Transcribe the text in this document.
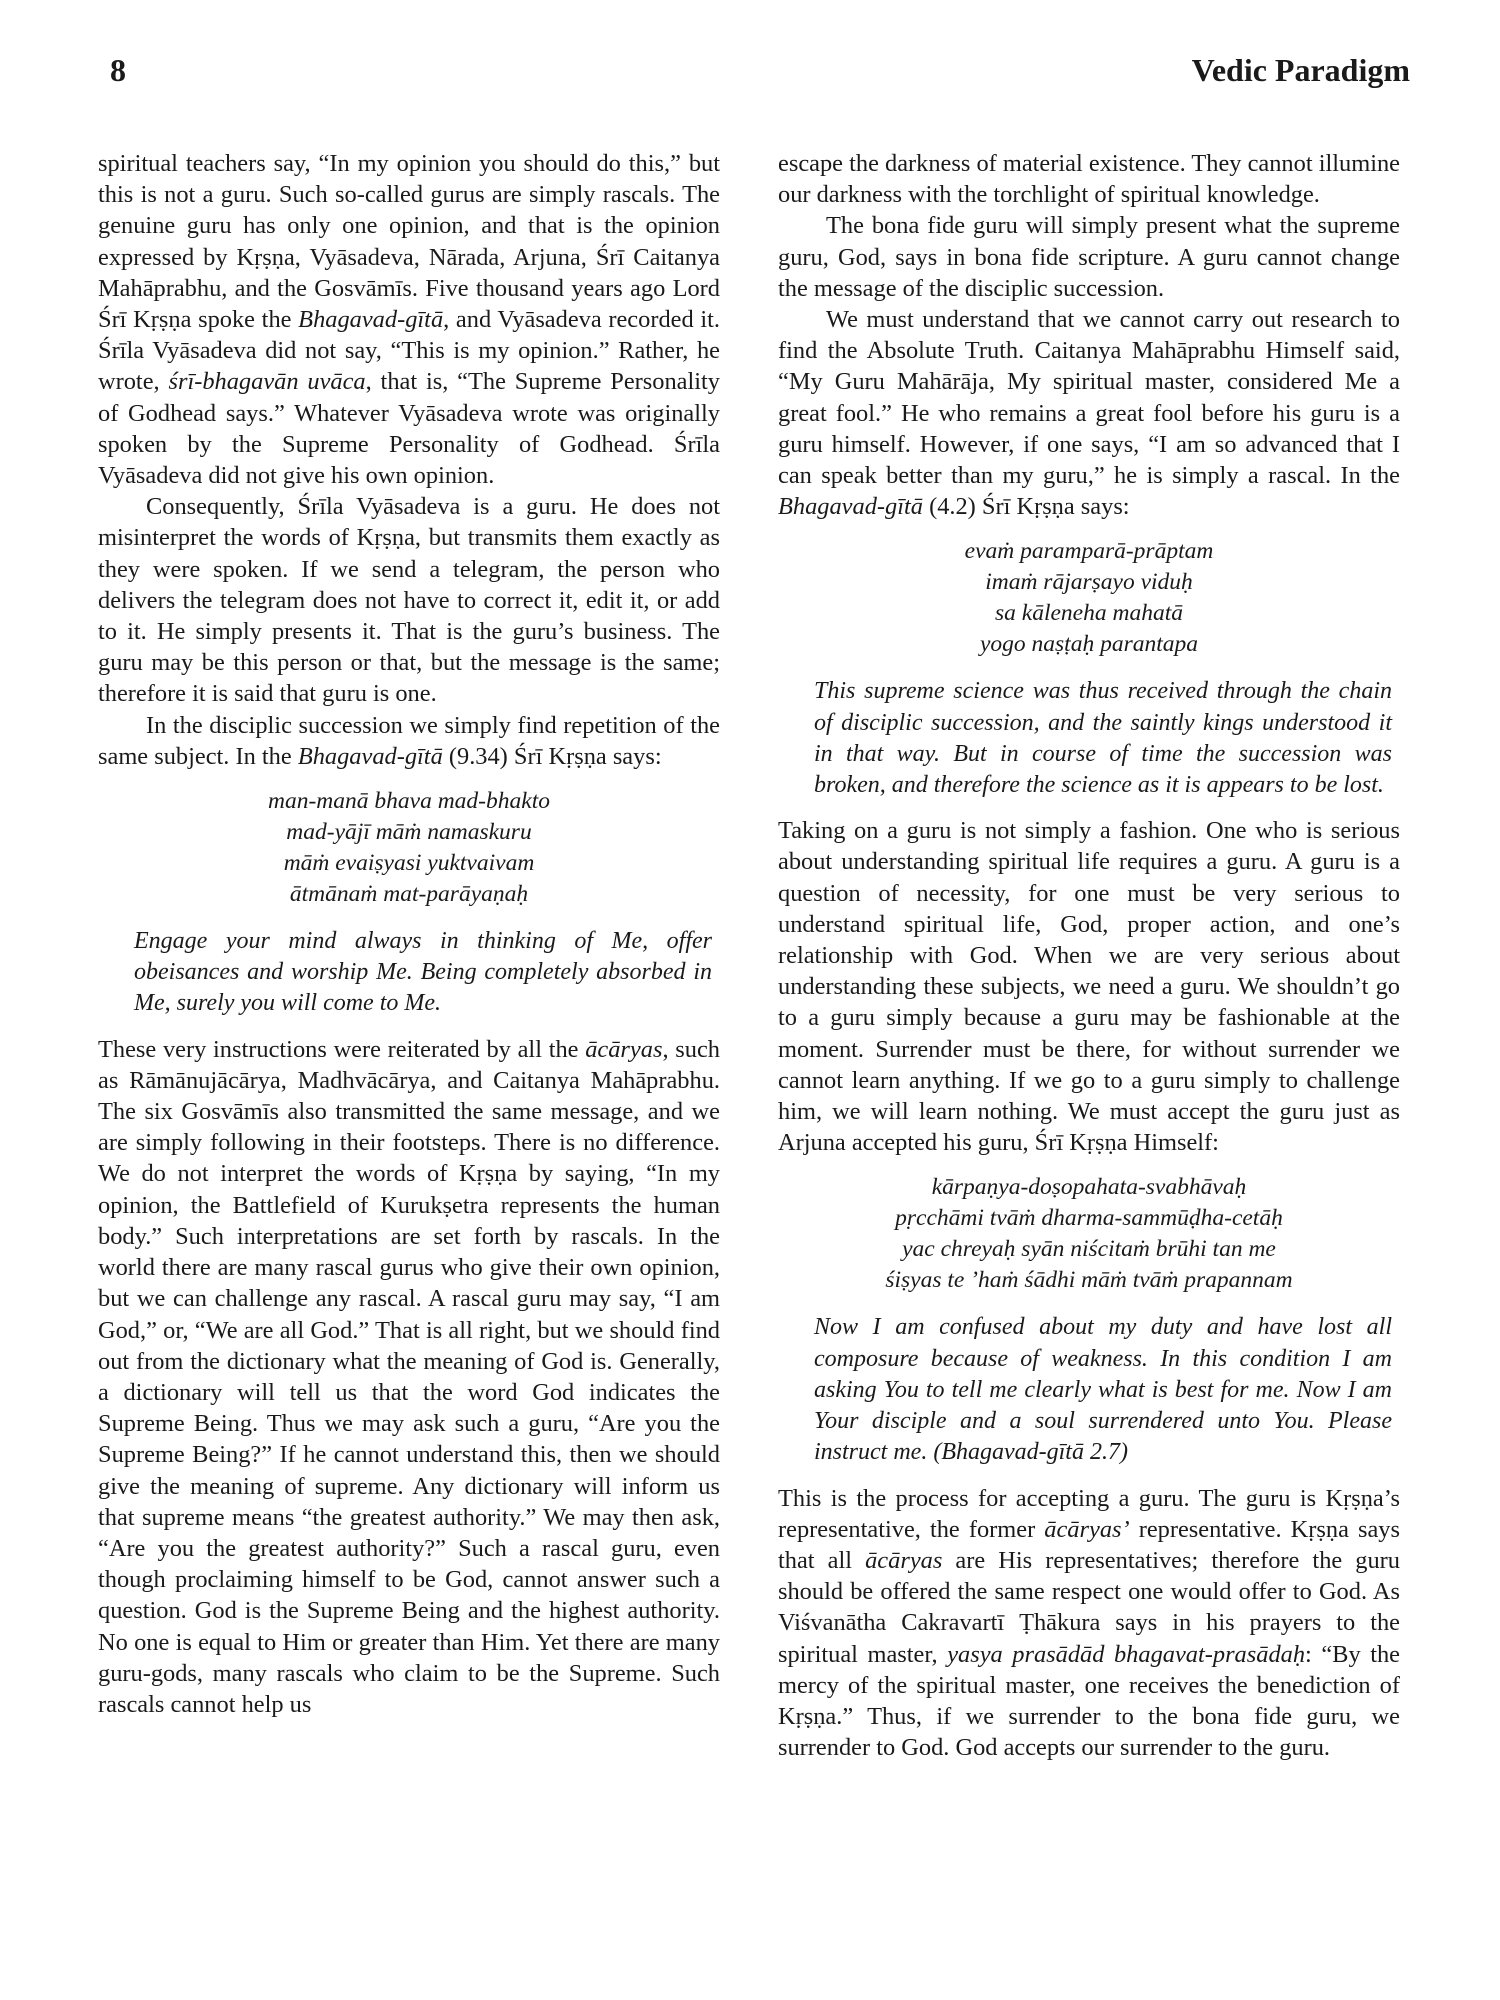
8	Vedic Paradigm

spiritual teachers say, “In my opinion you should do this,” but this is not a guru. Such so-called gurus are simply rascals. The genuine guru has only one opinion, and that is the opinion expressed by Kṛṣṇa, Vyāsadeva, Nārada, Arjuna, Śrī Caitanya Mahāprabhu, and the Gosvāmīs. Five thousand years ago Lord Śrī Kṛṣṇa spoke the Bhagavad-gītā, and Vyāsadeva recorded it. Śrīla Vyāsadeva did not say, “This is my opinion.” Rather, he wrote, śrī-bhagavān uvāca, that is, “The Supreme Personality of Godhead says.” Whatever Vyāsadeva wrote was originally spoken by the Supreme Personality of Godhead. Śrīla Vyāsadeva did not give his own opinion.

Consequently, Śrīla Vyāsadeva is a guru. He does not misinterpret the words of Kṛṣṇa, but transmits them exactly as they were spoken. If we send a telegram, the person who delivers the telegram does not have to correct it, edit it, or add to it. He simply presents it. That is the guru’s business. The guru may be this person or that, but the message is the same; therefore it is said that guru is one.

In the disciplic succession we simply find repetition of the same subject. In the Bhagavad-gītā (9.34) Śrī Kṛṣṇa says:

man-manā bhava mad-bhakto
mad-yājī māṁ namaskuru
māṁ evaiṣyasi yuktvaivam
ātmānaṁ mat-parāyaṇaḥ
Engage your mind always in thinking of Me, offer obeisances and worship Me. Being completely absorbed in Me, surely you will come to Me.

These very instructions were reiterated by all the ācāryas, such as Rāmānujācārya, Madhvācārya, and Caitanya Mahāprabhu. The six Gosvāmīs also transmitted the same message, and we are simply following in their footsteps. There is no difference. We do not interpret the words of Kṛṣṇa by saying, “In my opinion, the Battlefield of Kurukṣetra represents the human body.” Such interpretations are set forth by rascals. In the world there are many rascal gurus who give their own opinion, but we can challenge any rascal. A rascal guru may say, “I am God,” or, “We are all God.” That is all right, but we should find out from the dictionary what the meaning of God is. Generally, a dictionary will tell us that the word God indicates the Supreme Being. Thus we may ask such a guru, “Are you the Supreme Being?” If he cannot understand this, then we should give the meaning of supreme. Any dictionary will inform us that supreme means “the greatest authority.” We may then ask, “Are you the greatest authority?” Such a rascal guru, even though proclaiming himself to be God, cannot answer such a question. God is the Supreme Being and the highest authority. No one is equal to Him or greater than Him. Yet there are many guru-gods, many rascals who claim to be the Supreme. Such rascals cannot help us

escape the darkness of material existence. They cannot illumine our darkness with the torchlight of spiritual knowledge.

The bona fide guru will simply present what the supreme guru, God, says in bona fide scripture. A guru cannot change the message of the disciplic succession.

We must understand that we cannot carry out research to find the Absolute Truth. Caitanya Mahāprabhu Himself said, “My Guru Mahārāja, My spiritual master, considered Me a great fool.” He who remains a great fool before his guru is a guru himself. However, if one says, “I am so advanced that I can speak better than my guru,” he is simply a rascal. In the Bhagavad-gītā (4.2) Śrī Kṛṣṇa says:

evaṁ paramparā-prāptam
imaṁ rājarṣayo viduḥ
sa kāleneha mahatā
yogo naṣṭaḥ parantapa
This supreme science was thus received through the chain of disciplic succession, and the saintly kings understood it in that way. But in course of time the succession was broken, and therefore the science as it is appears to be lost.

Taking on a guru is not simply a fashion. One who is serious about understanding spiritual life requires a guru. A guru is a question of necessity, for one must be very serious to understand spiritual life, God, proper action, and one’s relationship with God. When we are very serious about understanding these subjects, we need a guru. We shouldn’t go to a guru simply because a guru may be fashionable at the moment. Surrender must be there, for without surrender we cannot learn anything. If we go to a guru simply to challenge him, we will learn nothing. We must accept the guru just as Arjuna accepted his guru, Śrī Kṛṣṇa Himself:

kārpaṇya-doṣopahata-svabhāvaḥ
pṛcchāmi tvāṁ dharma-sammūḍha-cetāḥ
yac chreyaḥ syān niścitaṁ brūhi tan me
śiṣyas te ’haṁ śādhi māṁ tvāṁ prapannam
Now I am confused about my duty and have lost all composure because of weakness. In this condition I am asking You to tell me clearly what is best for me. Now I am Your disciple and a soul surrendered unto You. Please instruct me. (Bhagavad-gītā 2.7)

This is the process for accepting a guru. The guru is Kṛṣṇa’s representative, the former ācāryas’ representative. Kṛṣṇa says that all ācāryas are His representatives; therefore the guru should be offered the same respect one would offer to God. As Viśvanātha Cakravartī Ṭhākura says in his prayers to the spiritual master, yasya prasādād bhagavat-prasādaḥ: “By the mercy of the spiritual master, one receives the benediction of Kṛṣṇa.” Thus, if we surrender to the bona fide guru, we surrender to God. God accepts our surrender to the guru.
